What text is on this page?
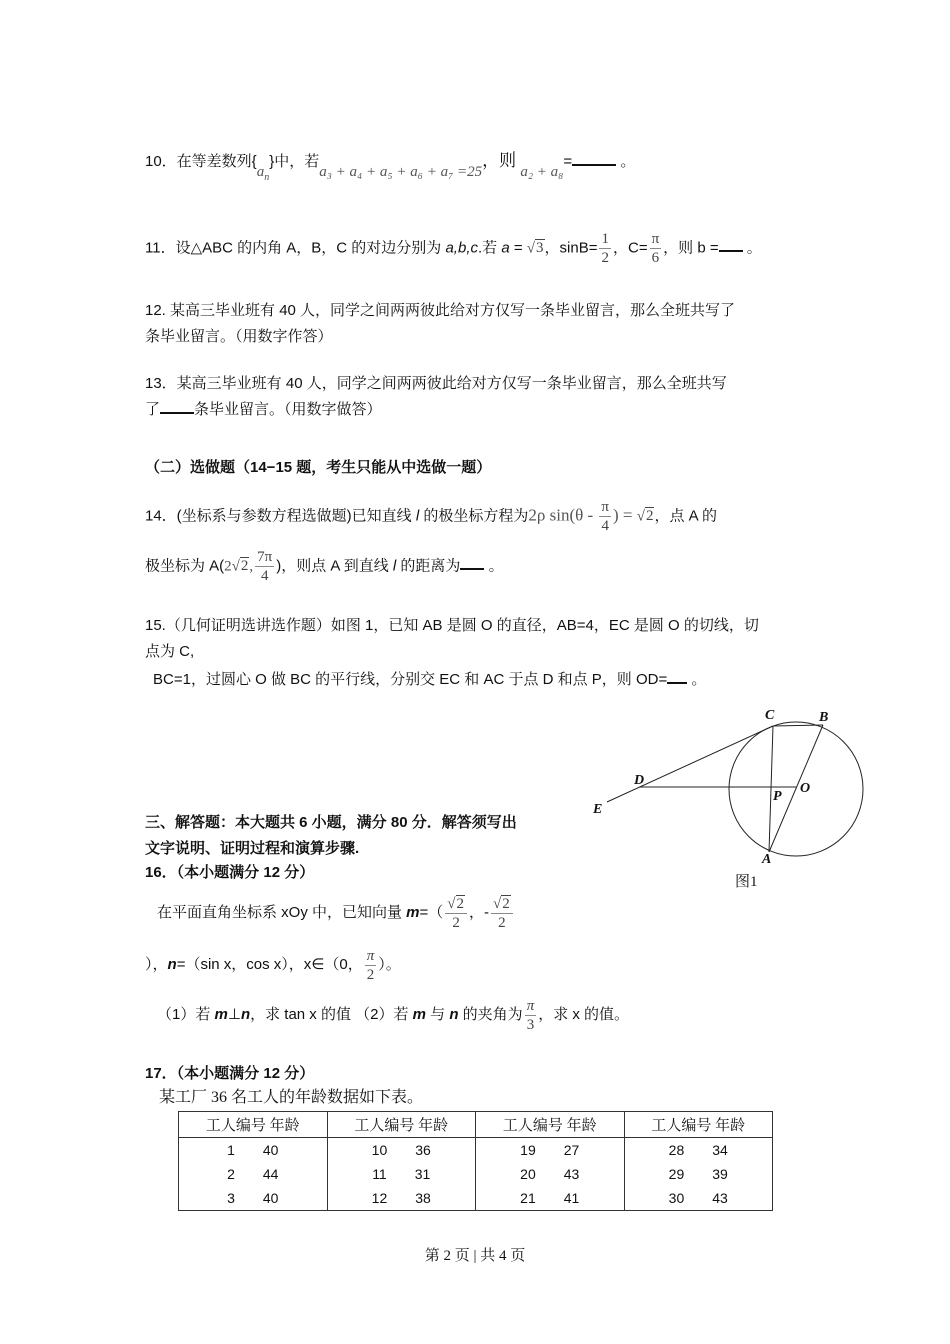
10．在等差数列$\{a_n\}$中，若a₃ + a₄ + a₅ + a₆ + a₇ =25，则 a₂ + a₈=	。
11．设△ABC 的内角 A，B，C 的对边分别为 a,b,c.若 a = √3，$\sin B= \frac{1}{2}$ ，$C= \frac{\pi}{6}$ ，则 b = 。
12. 某高三毕业班有 40 人，同学之间两两彼此给对方仅写一条毕业留言，那么全班共写了
条毕业留言。（用数字作答）
13．某高三毕业班有 40 人，同学之间两两彼此给对方仅写一条毕业留言，那么全班共写
了 条毕业留言。（用数字做答）
（二）选做题（14−15 题，考生只能从中选做一题）
14．(坐标系与参数方程选做题)已知直线 l 的极坐标方程为2ρ $\sin(\theta - \frac{\pi}{4}$ ) = √2，点 A 的
极坐标为 A(2√2, $\frac{7\pi}{4}$ )，则点 A 到直线 l 的距离为 。
15.（几何证明选讲选作题）如图 1，已知 AB 是圆 O 的直径，AB=4，EC 是圆 O 的切线，切
点为 C,
BC=1，过圆心 O 做 BC 的平行线，分别交 EC 和 AC 于点 D 和点 P，则 OD= 。
C	B
D
O
P
E
A
图1
三、解答题：本大题共 6 小题，满分 80 分．解答须写出
文字说明、证明过程和演算步骤.
16．（本小题满分 12 分）
在平面直角坐标系 xOy 中，已知向量 $m=( \frac{√2}{2}$ ，- $\frac{√2}{2}$
），n=（sin x，cos x），x∈（0， $\frac{\pi}{2}$ ）。
（1）若 m⊥n，求 tan x 的值 （2）若 m 与 n 的夹角为 $\frac{\pi}{3}$ ，求 x 的值。
17．（本小题满分 12 分）
某工厂 36 名工人的年龄数据如下表。
工人编号 年龄	工人编号 年龄	工人编号 年龄	工人编号 年龄

1 40	10 36	19 27	28 34

2 44	11 31	20 43	29 39

3 40	12 38	21 41	30 43
第 2 页 | 共 4 页
